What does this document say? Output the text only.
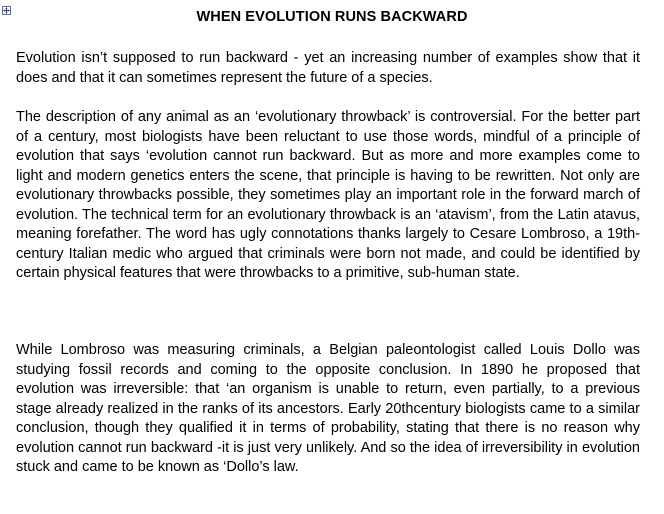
WHEN EVOLUTION RUNS BACKWARD

Evolution isn’t supposed to run backward - yet an increasing number of examples show that it does and that it can sometimes represent the future of a species.

The description of any animal as an ‘evolutionary throwback’ is controversial. For the better part of a century, most biologists have been reluctant to use those words, mindful of a principle of evolution that says ‘evolution cannot run backward. But as more and more examples come to light and modern genetics enters the scene, that principle is having to be rewritten. Not only are evolutionary throwbacks possible, they sometimes play an important role in the forward march of evolution. The technical term for an evolutionary throwback is an ‘atavism’, from the Latin atavus, meaning forefather. The word has ugly connotations thanks largely to Cesare Lombroso, a 19th-century Italian medic who argued that criminals were born not made, and could be identified by certain physical features that were throwbacks to a primitive, sub-human state.

While Lombroso was measuring criminals, a Belgian paleontologist called Louis Dollo was studying fossil records and coming to the opposite conclusion. In 1890 he proposed that evolution was irreversible: that ‘an organism is unable to return, even partially, to a previous stage already realized in the ranks of its ancestors. Early 20thcentury biologists came to a similar conclusion, though they qualified it in terms of probability, stating that there is no reason why evolution cannot run backward -it is just very unlikely. And so the idea of irreversibility in evolution stuck and came to be known as ‘Dollo’s law.
